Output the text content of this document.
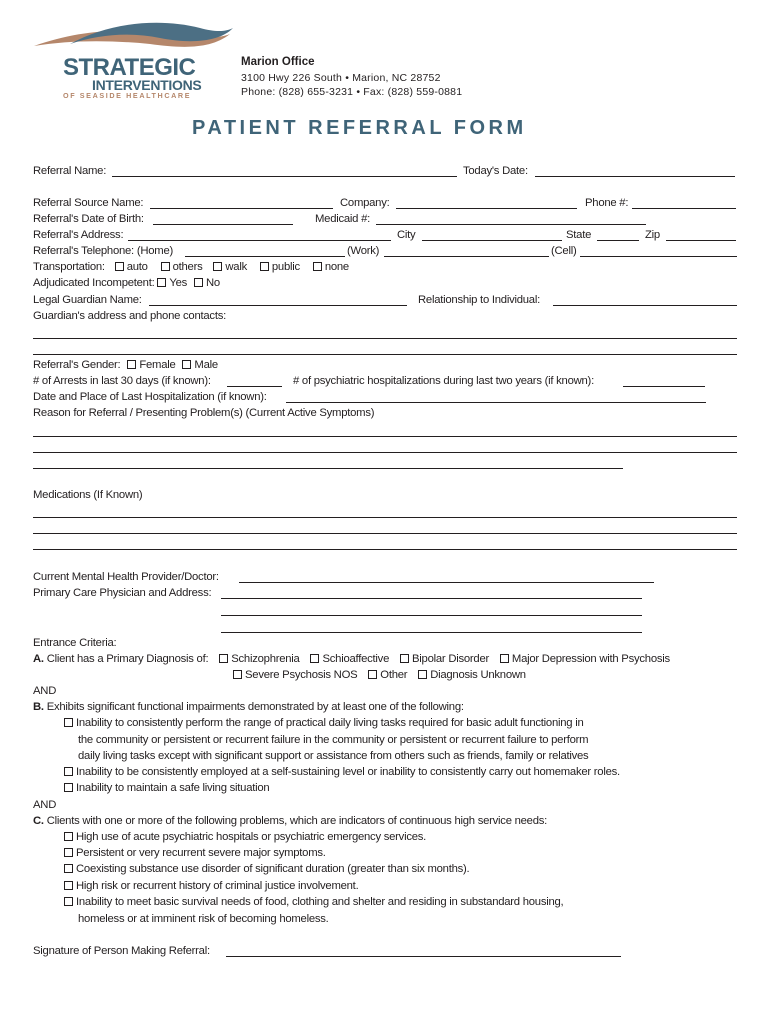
STRATEGIC
INTERVENTIONS
OF SEASIDE HEALTHCARE
Marion Office
3100 Hwy 226 South • Marion, NC 28752
Phone: (828) 655-3231 • Fax: (828) 559-0881
PATIENT REFERRAL FORM
Referral Name:	Today's Date:
Referral Source Name:	Company:	Phone #:
Referral's Date of Birth:	Medicaid #:
Referral's Address:	City	State	Zip
Referral's Telephone: (Home)	(Work)	(Cell)
Transportation: auto others walk public none
Adjudicated Incompetent: Yes No
Legal Guardian Name:	Relationship to Individual:
Guardian's address and phone contacts:
Referral's Gender: Female Male
# of Arrests in last 30 days (if known):	# of psychiatric hospitalizations during last two years (if known):
Date and Place of Last Hospitalization (if known):
Reason for Referral / Presenting Problem(s) (Current Active Symptoms)
Medications (If Known)
Current Mental Health Provider/Doctor:
Primary Care Physician and Address:
Entrance Criteria:
A. Client has a Primary Diagnosis of: Schizophrenia Schioaffective Bipolar Disorder Major Depression with Psychosis
Severe Psychosis NOS Other Diagnosis Unknown
AND
B. Exhibits significant functional impairments demonstrated by at least one of the following:
Inability to consistently perform the range of practical daily living tasks required for basic adult functioning in
the community or persistent or recurrent failure in the community or persistent or recurrent failure to perform
daily living tasks except with significant support or assistance from others such as friends, family or relatives
Inability to be consistently employed at a self-sustaining level or inability to consistently carry out homemaker roles.
Inability to maintain a safe living situation
AND
C. Clients with one or more of the following problems, which are indicators of continuous high service needs:
High use of acute psychiatric hospitals or psychiatric emergency services.
Persistent or very recurrent severe major symptoms.
Coexisting substance use disorder of significant duration (greater than six months).
High risk or recurrent history of criminal justice involvement.
Inability to meet basic survival needs of food, clothing and shelter and residing in substandard housing,
homeless or at imminent risk of becoming homeless.
Signature of Person Making Referral:
